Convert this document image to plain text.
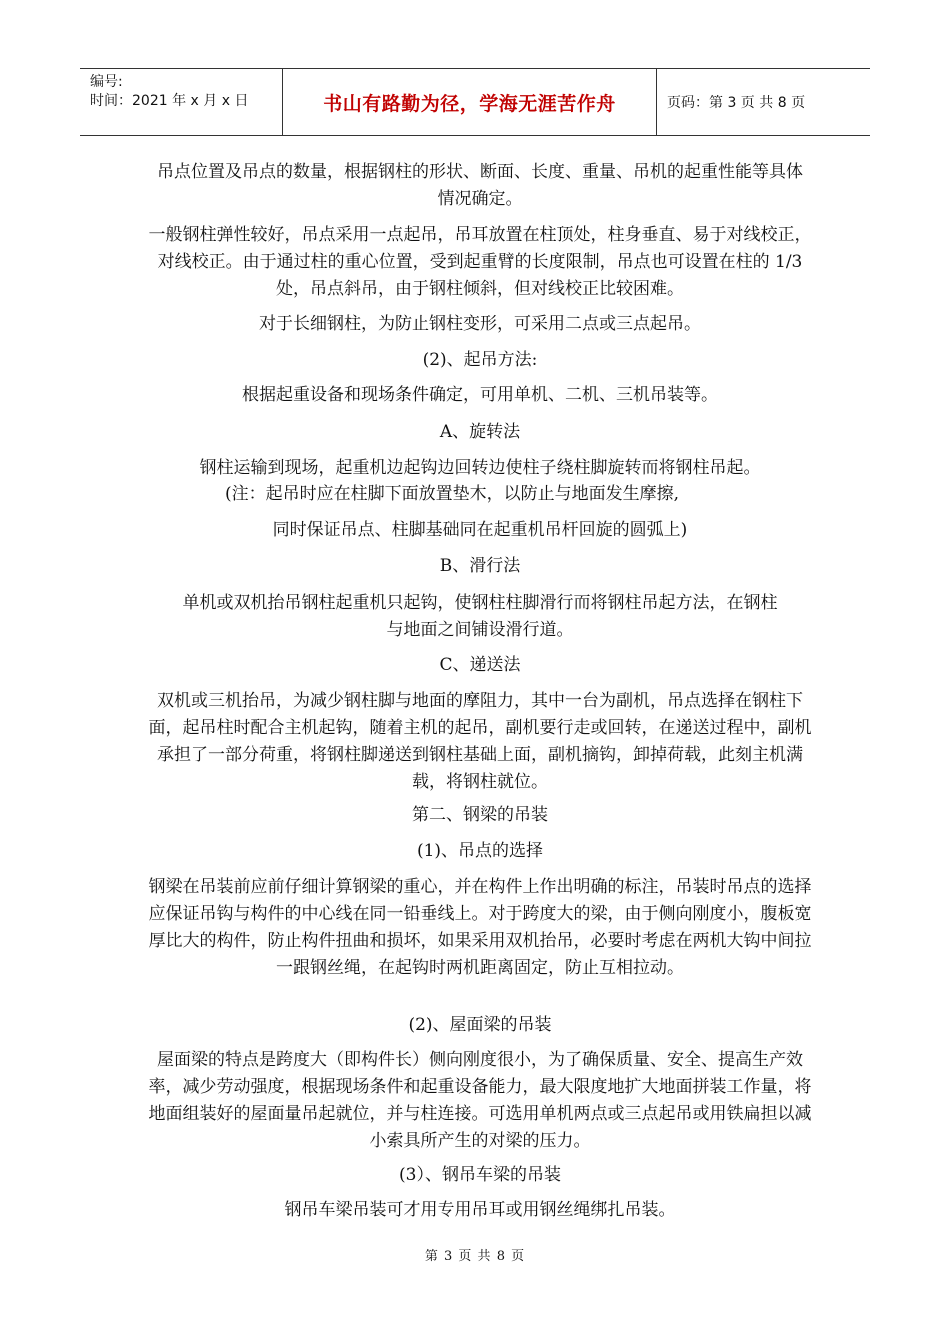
编号:
时间：2021 年 x 月 x 日	书山有路勤为径，学海无涯苦作舟	页码：第 3 页 共 8 页
吊点位置及吊点的数量，根据钢柱的形状、断面、长度、重量、吊机的起重性能等具体情况确定。
一般钢柱弹性较好，吊点采用一点起吊，吊耳放置在柱顶处，柱身垂直、易于对线校正，对线校正。由于通过柱的重心位置，受到起重臂的长度限制，吊点也可设置在柱的 1/3 处，吊点斜吊，由于钢柱倾斜，但对线校正比较困难。
对于长细钢柱，为防止钢柱变形，可采用二点或三点起吊。
(2)、起吊方法:
根据起重设备和现场条件确定，可用单机、二机、三机吊装等。
A、旋转法
钢柱运输到现场，起重机边起钩边回转边使柱子绕柱脚旋转而将钢柱吊起。
(注：起吊时应在柱脚下面放置垫木，以防止与地面发生摩擦,
同时保证吊点、柱脚基础同在起重机吊杆回旋的圆弧上)
B、滑行法
单机或双机抬吊钢柱起重机只起钩，使钢柱柱脚滑行而将钢柱吊起方法，在钢柱与地面之间铺设滑行道。
C、递送法
双机或三机抬吊，为减少钢柱脚与地面的摩阻力，其中一台为副机，吊点选择在钢柱下面，起吊柱时配合主机起钩，随着主机的起吊，副机要行走或回转，在递送过程中，副机承担了一部分荷重，将钢柱脚递送到钢柱基础上面，副机摘钩，卸掉荷载，此刻主机满载，将钢柱就位。
第二、钢梁的吊装
(1)、吊点的选择
钢梁在吊装前应前仔细计算钢梁的重心，并在构件上作出明确的标注，吊装时吊点的选择应保证吊钩与构件的中心线在同一铅垂线上。对于跨度大的梁，由于侧向刚度小，腹板宽厚比大的构件，防止构件扭曲和损坏，如果采用双机抬吊，必要时考虑在两机大钩中间拉一跟钢丝绳，在起钩时两机距离固定，防止互相拉动。
(2)、屋面梁的吊装
屋面梁的特点是跨度大（即构件长）侧向刚度很小，为了确保质量、安全、提高生产效率，减少劳动强度，根据现场条件和起重设备能力，最大限度地扩大地面拼装工作量，将地面组装好的屋面量吊起就位，并与柱连接。可选用单机两点或三点起吊或用铁扁担以减小索具所产生的对梁的压力。
(3）、钢吊车梁的吊装
钢吊车梁吊装可才用专用吊耳或用钢丝绳绑扎吊装。
第 3 页 共 8 页
